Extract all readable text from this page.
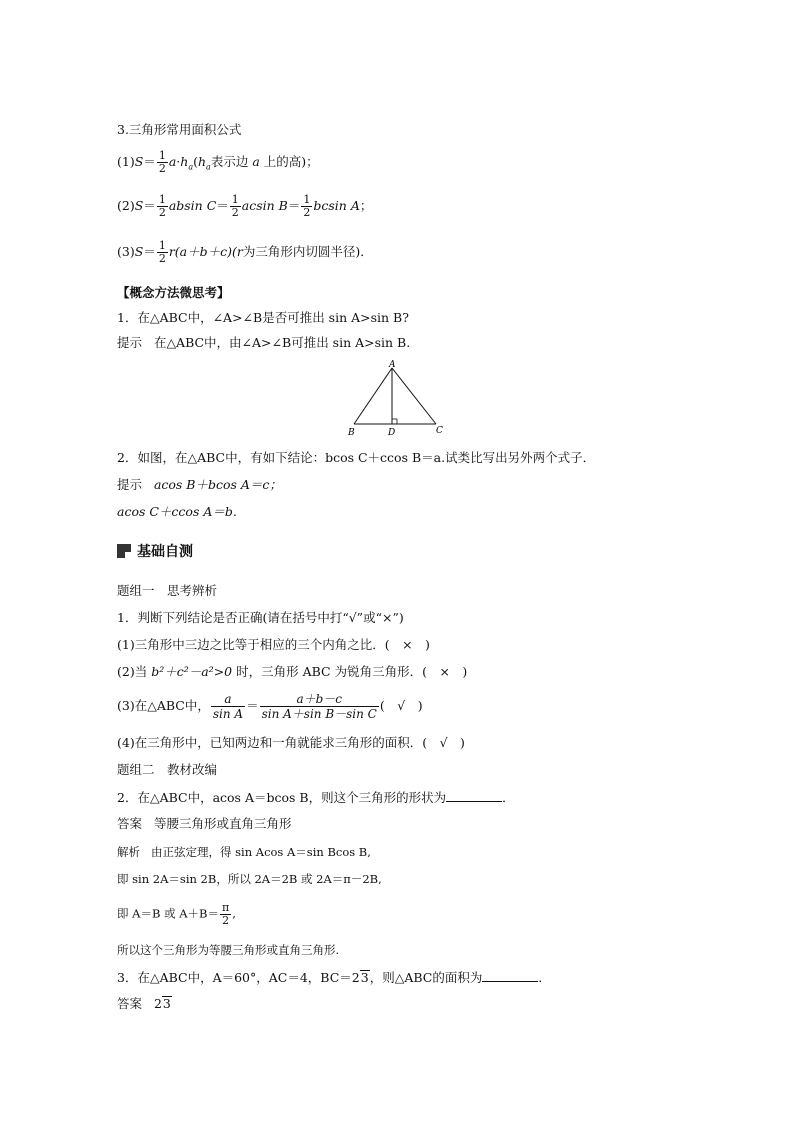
3.三角形常用面积公式
$(1)S= \frac{1}{2} a\cdot h_a(h_a$表示边 a 上的高)；
$(2)S= \frac{1}{2}$ absin $C= \frac{1}{2}$ acsin $B= \frac{1}{2}$ bcsin A；
$(3)S= \frac{1}{2} r(a+b+c)(r$为三角形内切圆半径)．
【概念方法微思考】
1．在△ABC中，∠A>∠B是否可推出 sin A>sin B?
提示 在△ABC中，由∠A>∠B可推出 sin A>sin B.
A
B	D	C
2．如图，在△ABC中，有如下结论：bcos C＋ccos B＝a.试类比写出另外两个式子．
提示 acos B＋bcos A＝c；
acos C＋ccos A＝b.
基础自测
题组一　思考辨析
1．判断下列结论是否正确(请在括号中打“√”或“×”)
(1)三角形中三边之比等于相应的三个内角之比．(　×　)
(2)当 b²＋c²－a²>0 时，三角形 ABC 为锐角三角形．(　×　)
(3)在△ABC中， $\frac{a}{\text{sin A}} = \frac{a+b-c}{\text{sin A＋sin B－sin C}}$ (　√　)
(4)在三角形中，已知两边和一角就能求三角形的面积．(　√　)
题组二　教材改编
2．在△ABC中，acos A＝bcos B，则这个三角形的形状为	．
答案 等腰三角形或直角三角形
解析 由正弦定理，得 sin Acos A＝sin Bcos B,
即 sin 2A＝sin 2B，所以 2A＝2B 或 2A＝π－2B,
即 A＝B 或 $A+B= \frac{\pi}{2}$ ,
所以这个三角形为等腰三角形或直角三角形.
3．在△ABC中，A＝60°，AC＝4，BC＝23，则△ABC的面积为	．
答案 23
